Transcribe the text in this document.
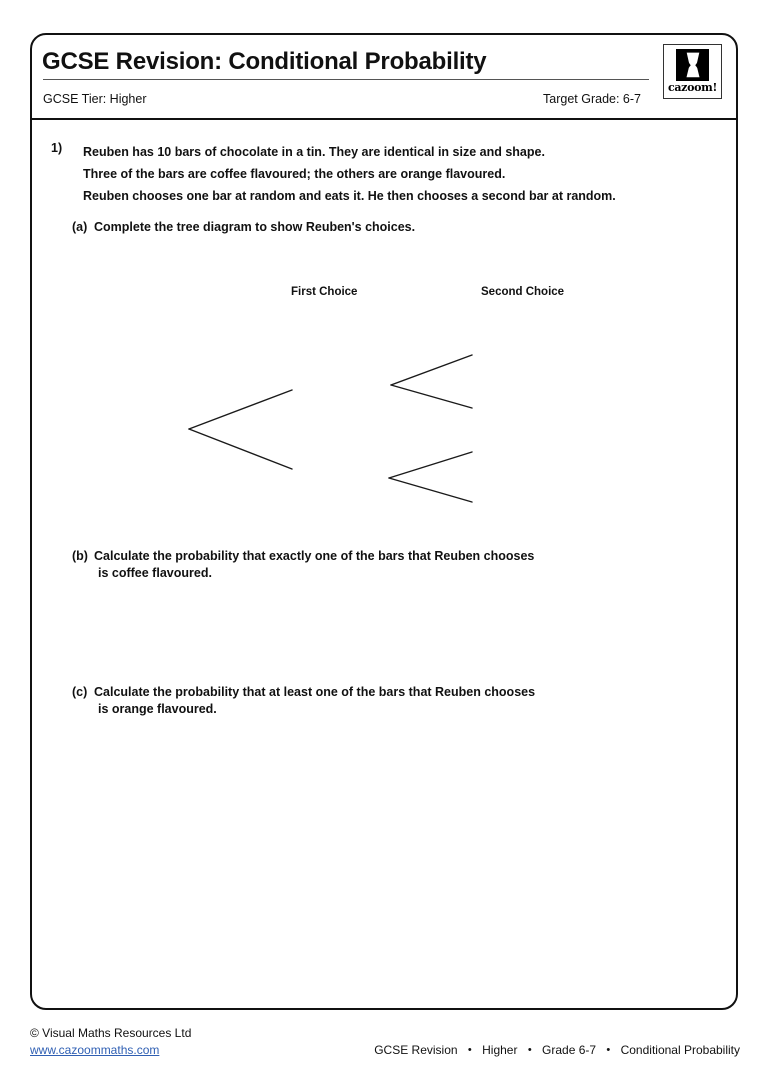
GCSE Revision: Conditional Probability
GCSE Tier: Higher	Target Grade: 6-7
cazoom!
1) Reuben has 10 bars of chocolate in a tin. They are identical in size and shape.
Three of the bars are coffee flavoured; the others are orange flavoured.
Reuben chooses one bar at random and eats it. He then chooses a second bar at random.
(a) Complete the tree diagram to show Reuben's choices.
First Choice	Second Choice
(b) Calculate the probability that exactly one of the bars that Reuben chooses
is coffee flavoured.
(c) Calculate the probability that at least one of the bars that Reuben chooses
is orange flavoured.
© Visual Maths Resources Ltd
www.cazoommaths.com	GCSE Revision • Higher • Grade 6-7 • Conditional Probability
